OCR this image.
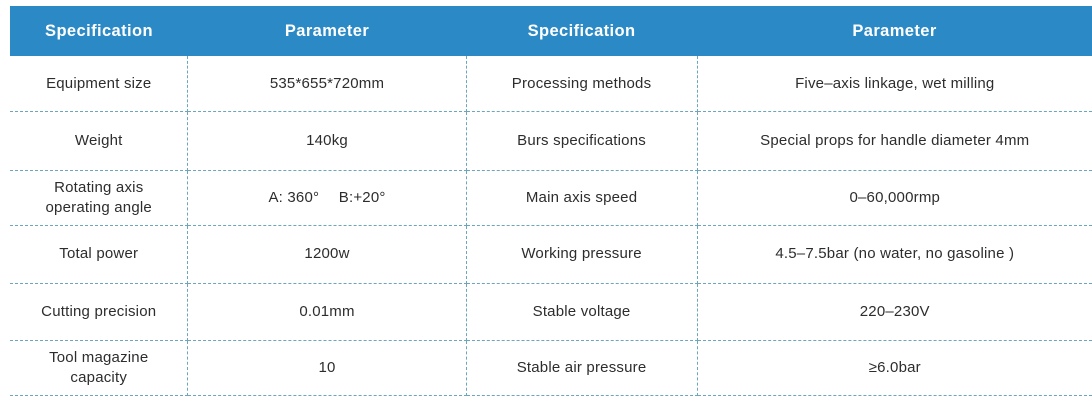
Specification	Parameter	Specification	Parameter
Equipment size	535*655*720mm	Processing methods	Five–axis linkage, wet milling
Weight	140kg	Burs specifications	Special props for handle diameter 4mm
Rotating axis operating angle	A: 360°  B:+20°	Main axis speed	0–60,000rmp
Total power	1200w	Working pressure	4.5–7.5bar (no water, no gasoline )
Cutting precision	0.01mm	Stable voltage	220–230V
Tool magazine capacity	10	Stable air pressure	≥6.0bar
